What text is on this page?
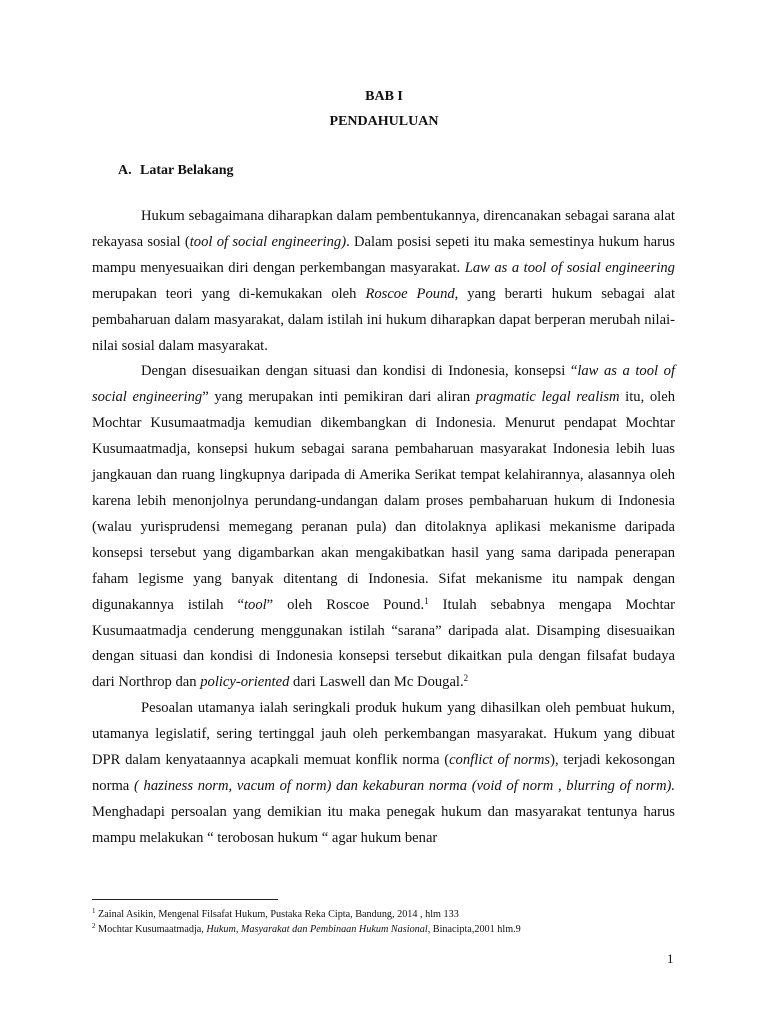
BAB I
PENDAHULUAN
A. Latar Belakang

Hukum sebagaimana diharapkan dalam pembentukannya, direncanakan sebagai sarana alat rekayasa sosial (tool of social engineering). Dalam posisi sepeti itu maka semestinya hukum harus mampu menyesuaikan diri dengan perkembangan masyarakat. Law as a tool of sosial engineering merupakan teori yang di-kemukakan oleh Roscoe Pound, yang berarti hukum sebagai alat pembaharuan dalam masyarakat, dalam istilah ini hukum diharapkan dapat berperan merubah nilai-nilai sosial dalam masyarakat.

Dengan disesuaikan dengan situasi dan kondisi di Indonesia, konsepsi “law as a tool of social engineering” yang merupakan inti pemikiran dari aliran pragmatic legal realism itu, oleh Mochtar Kusumaatmadja kemudian dikembangkan di Indonesia. Menurut pendapat Mochtar Kusumaatmadja, konsepsi hukum sebagai sarana pembaharuan masyarakat Indonesia lebih luas jangkauan dan ruang lingkupnya daripada di Amerika Serikat tempat kelahirannya, alasannya oleh karena lebih menonjolnya perundang-undangan dalam proses pembaharuan hukum di Indonesia (walau yurisprudensi memegang peranan pula) dan ditolaknya aplikasi mekanisme daripada konsepsi tersebut yang digambarkan akan mengakibatkan hasil yang sama daripada penerapan faham legisme yang banyak ditentang di Indonesia. Sifat mekanisme itu nampak dengan digunakannya istilah “tool” oleh Roscoe Pound.$^1$ Itulah sebabnya mengapa Mochtar Kusumaatmadja cenderung menggunakan istilah “sarana” daripada alat. Disamping disesuaikan dengan situasi dan kondisi di Indonesia konsepsi tersebut dikaitkan pula dengan filsafat budaya dari Northrop dan policy-oriented dari Laswell dan Mc Dougal.$^2$

Pesoalan utamanya ialah seringkali produk hukum yang dihasilkan oleh pembuat hukum, utamanya legislatif, sering tertinggal jauh oleh perkembangan masyarakat. Hukum yang dibuat DPR dalam kenyataannya acapkali memuat konflik norma (conflict of norms), terjadi kekosongan norma ( haziness norm, vacum of norm) dan kekaburan norma (void of norm , blurring of norm). Menghadapi persoalan yang demikian itu maka penegak hukum dan masyarakat tentunya harus mampu melakukan “ terobosan hukum “ agar hukum benar

$^1$ Zainal Asikin, Mengenal Filsafat Hukum, Pustaka Reka Cipta, Bandung, 2014 , hlm 133
$^2$ Mochtar Kusumaatmadja, Hukum, Masyarakat dan Pembinaan Hukum Nasional, Binacipta,2001 hlm.9
1
